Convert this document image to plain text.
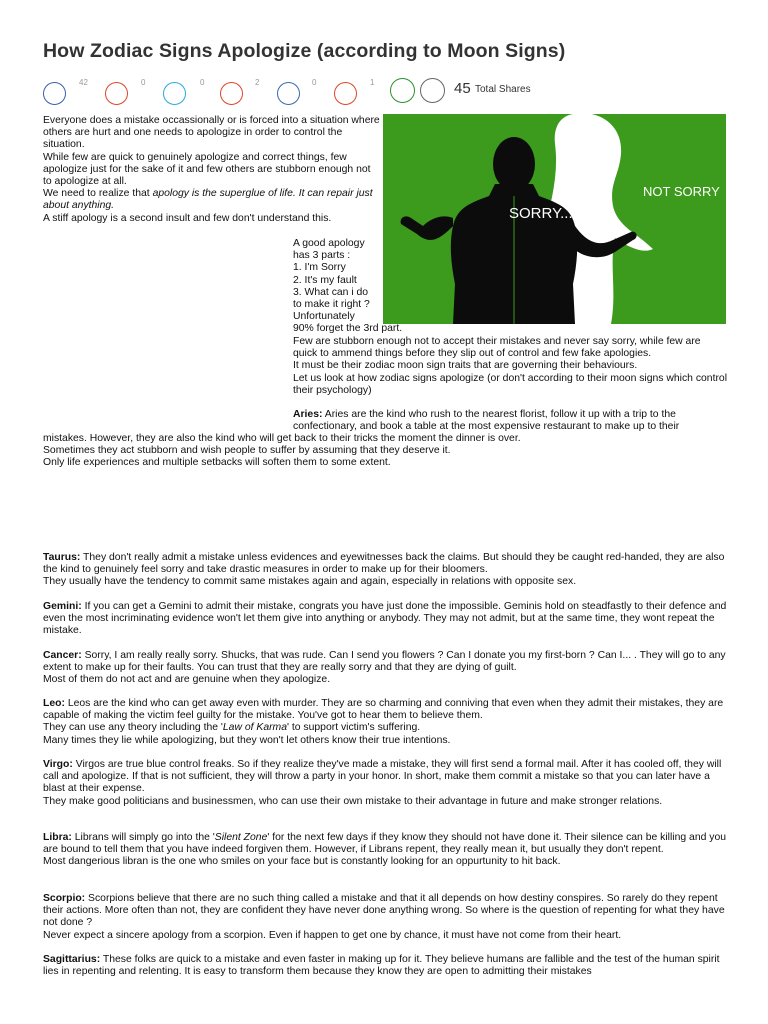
How Zodiac Signs Apologize (according to Moon Signs)
42	0	0	2	0	1	45 Total Shares

Everyone does a mistake occassionally or is forced into a situation where others are hurt and one needs to apologize in order to control the situation.

While few are quick to genuinely apologize and correct things, few apologize just for the sake of it and few others are stubborn enough not to apologize at all.

We need to realize that apology is the superglue of life. It can repair just about anything.

A stiff apology is a second insult and few don't understand this.	SORRY...
NOT SORRY

A good apology

has 3 parts :

1. I'm Sorry

2. It's my fault

3. What can i do

to make it right ?

Unfortunately

90% forget the 3rd part.

Few are stubborn enough not to accept their mistakes and never say sorry, while few are quick to ammend things before they slip out of control and few fake apologies.

It must be their zodiac moon sign traits that are governing their behaviours.

Let us look at how zodiac signs apologize (or don't according to their moon signs which control their psychology)

Aries: Aries are the kind who rush to the nearest florist, follow it up with a trip to the confectionary, and book a table at the most expensive restaurant to make up to their

mistakes. However, they are also the kind who will get back to their tricks the moment the dinner is over.

Sometimes they act stubborn and wish people to suffer by assuming that they deserve it.

Only life experiences and multiple setbacks will soften them to some extent.

Taurus: They don't really admit a mistake unless evidences and eyewitnesses back the claims. But should they be caught red-handed, they are also the kind to genuinely feel sorry and take drastic measures in order to make up for their bloomers.

They usually have the tendency to commit same mistakes again and again, especially in relations with opposite sex.

Gemini: If you can get a Gemini to admit their mistake, congrats you have just done the impossible. Geminis hold on steadfastly to their defence and even the most incriminating evidence won't let them give into anything or anybody. They may not admit, but at the same time, they wont repeat the mistake.

Cancer: Sorry, I am really really sorry. Shucks, that was rude. Can I send you flowers ? Can I donate you my first-born ? Can I... . They will go to any extent to make up for their faults. You can trust that they are really sorry and that they are dying of guilt.

Most of them do not act and are genuine when they apologize.

Leo: Leos are the kind who can get away even with murder. They are so charming and conniving that even when they admit their mistakes, they are capable of making the victim feel guilty for the mistake. You've got to hear them to believe them.

They can use any theory including the 'Law of Karma' to support victim's suffering.

Many times they lie while apologizing, but they won't let others know their true intentions.

Virgo: Virgos are true blue control freaks. So if they realize they've made a mistake, they will first send a formal mail. After it has cooled off, they will call and apologize. If that is not sufficient, they will throw a party in your honor. In short, make them commit a mistake so that you can later have a blast at their expense.

They make good politicians and businessmen, who can use their own mistake to their advantage in future and make stronger relations.

Libra: Librans will simply go into the 'Silent Zone' for the next few days if they know they should not have done it. Their silence can be killing and you are bound to tell them that you have indeed forgiven them. However, if Librans repent, they really mean it, but usually they don't repent.

Most dangerious libran is the one who smiles on your face but is constantly looking for an oppurtunity to hit back.

Scorpio: Scorpions believe that there are no such thing called a mistake and that it all depends on how destiny conspires. So rarely do they repent their actions. More often than not, they are confident they have never done anything wrong. So where is the question of repenting for what they have not done ?

Never expect a sincere apology from a scorpion. Even if happen to get one by chance, it must have not come from their heart.

Sagittarius: These folks are quick to a mistake and even faster in making up for it. They believe humans are fallible and the test of the human spirit lies in repenting and relenting. It is easy to transform them because they know they are open to admitting their mistakes
